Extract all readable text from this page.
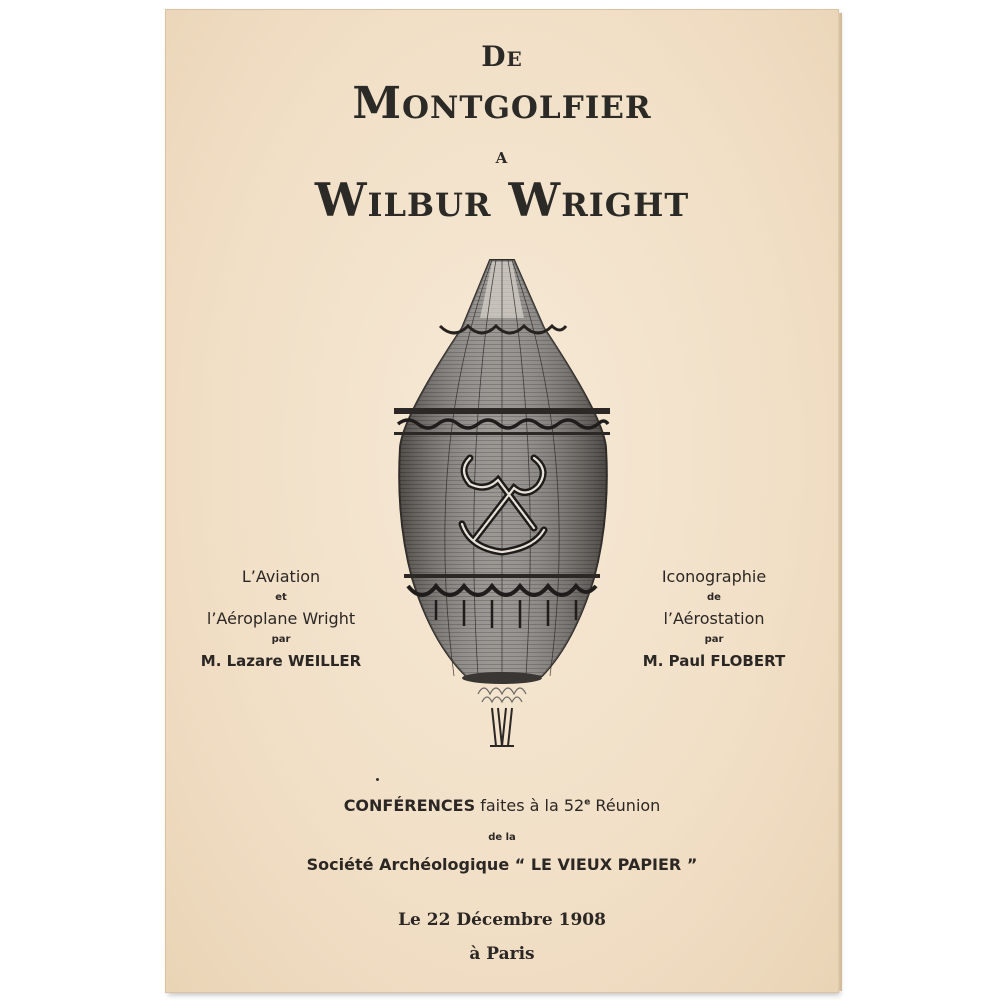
De
Montgolfier
a
Wilbur Wright
L’Aviation
et
l’Aéroplane Wright
par
M. Lazare WEILLER
Iconographie
de
l’Aérostation
par
M. Paul FLOBERT
CONFÉRENCES faites à la 52e Réunion
de la
Société Archéologique “ LE VIEUX PAPIER ”
Le 22 Décembre 1908
à Paris
